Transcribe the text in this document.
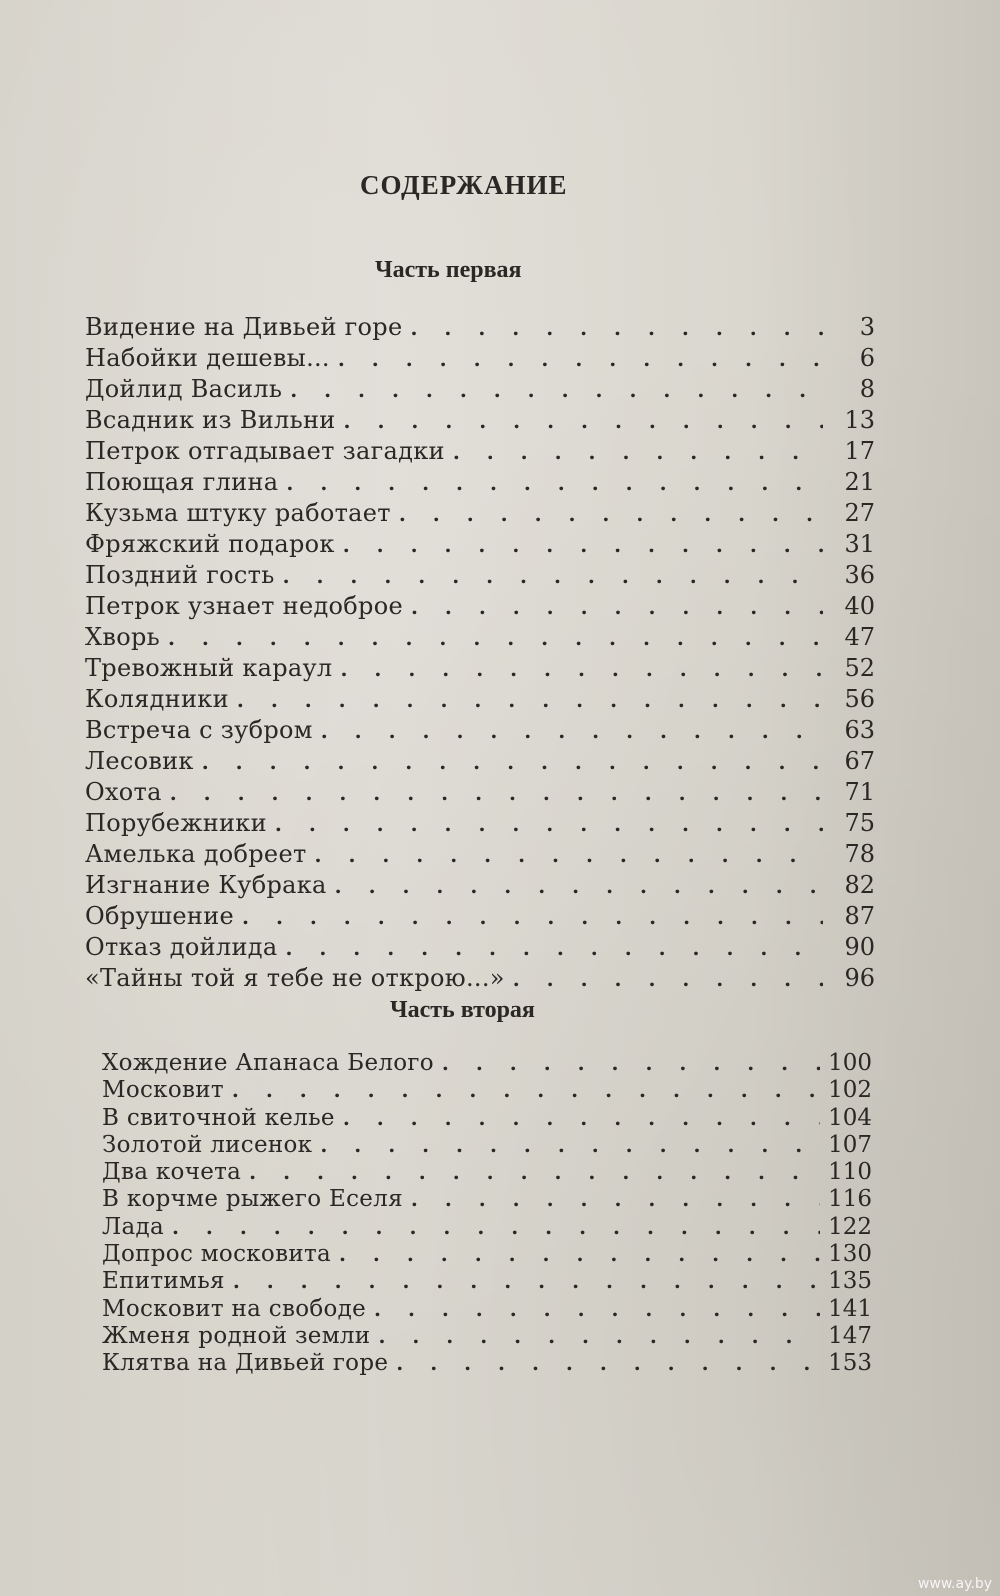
СОДЕРЖАНИЕ
Часть первая
Видение на Дивьей горе . . .	3
Набойки дешевы... . . .	6
Дойлид Василь . . .	8
Всадник из Вильни . . .	13
Петрок отгадывает загадки . . .	17
Поющая глина . . .	21
Кузьма штуку работает . . .	27
Фряжский подарок . . .	31
Поздний гость . . .	36
Петрок узнает недоброе . . .	40
Хворь . . .	47
Тревожный караул . . .	52
Колядники . . .	56
Встреча с зубром . . .	63
Лесовик . . .	67
Охота . . .	71
Порубежники . . .	75
Амелька добреет . . .	78
Изгнание Кубрака . . .	82
Обрушение . . .	87
Отказ дойлида . . .	90
«Тайны той я тебе не открою...» . . .	96
Часть вторая
Хождение Апанаса Белого . . .	100
Московит . . .	102
В свиточной келье . . .	104
Золотой лисенок . . .	107
Два кочета . . .	110
В корчме рыжего Еселя . . .	116
Лада . . .	122
Допрос московита . . .	130
Епитимья . . .	135
Московит на свободе . . .	141
Жменя родной земли . . .	147
Клятва на Дивьей горе . . .	153
www.ay.by
